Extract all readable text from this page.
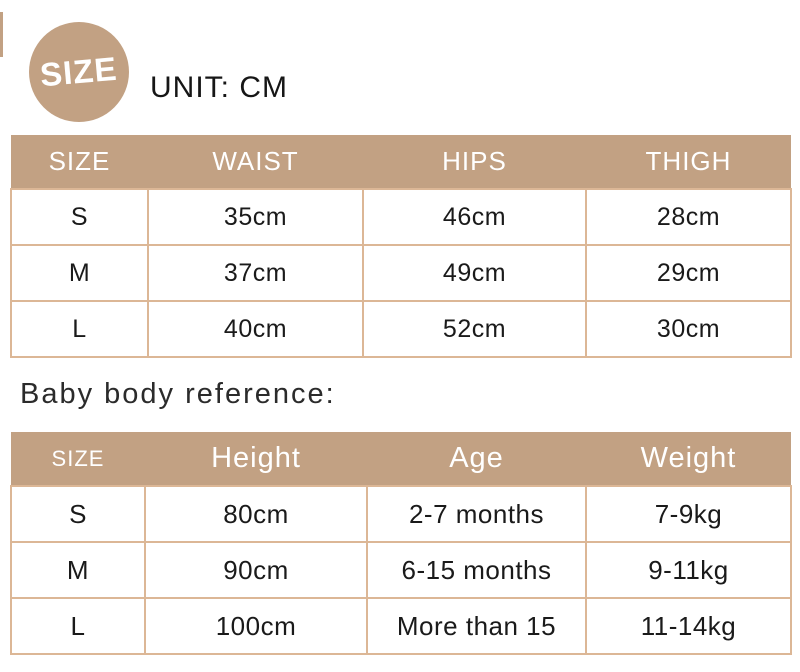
SIZE UNIT: CM
SIZE	WAIST	HIPS	THIGH
S	35cm	46cm	28cm
M	37cm	49cm	29cm
L	40cm	52cm	30cm
Baby body reference:
SIZE	Height	Age	Weight
S	80cm	2-7 months	7-9kg
M	90cm	6-15 months	9-11kg
L	100cm	More than 15	11-14kg
